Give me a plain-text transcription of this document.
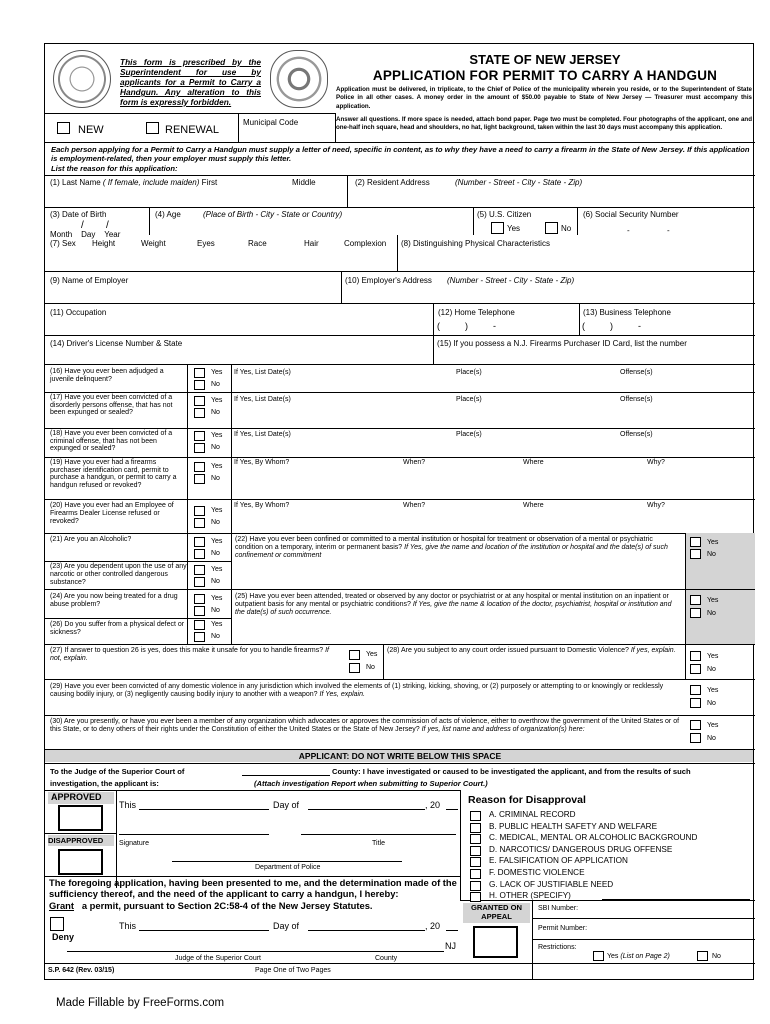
This form is prescribed by the Superintendent for use by applicants for a Permit to Carry a Handgun. Any alteration to this form is expressly forbidden.
STATE OF NEW JERSEY
APPLICATION FOR PERMIT TO CARRY A HANDGUN
Application must be delivered, in triplicate, to the Chief of Police of the municipality wherein you reside, or to the Superintendent of State Police in all other cases. A money order in the amount of $50.00 payable to State of New Jersey — Treasurer must accompany this application.
Answer all questions. If more space is needed, attach bond paper. Page two must be completed. Four photographs of the applicant, one and one-half inch square, head and shoulders, no hat, light background, taken within the last 30 days must accompany this application.
NEW	RENEWAL
Municipal Code
Each person applying for a Permit to Carry a Handgun must supply a letter of need, specific in content, as to why they have a need to carry a firearm in the State of New Jersey. If this application is employment-related, then your employer must supply this letter.
List the reason for this application:
(1) Last Name ( If female, include maiden) First	Middle	(2) Resident Address	(Number - Street - City - State - Zip)
(3) Date of Birth
/ /
Month Day Year
(4) Age	(Place of Birth - City - State or Country)	(5) U.S. Citizen
Yes	No
(6) Social Security Number
-	-
(7) Sex Height	Weight	Eyes	Race	Hair	Complexion (8) Distinguishing Physical Characteristics
(9) Name of Employer	(10) Employer's Address (Number - Street - City - State - Zip)
(11) Occupation	(12) Home Telephone
(          )          -
(13) Business Telephone
(          )          -
(14) Driver's License Number & State	(15) If you possess a N.J. Firearms Purchaser ID Card, list the number
(16) Have you ever been adjudged a juvenile delinquent?
Yes
No
If Yes, List Date(s)	Place(s)	Offense(s)
(17) Have you ever been convicted of a disorderly persons offense, that has not been expunged or sealed?
Yes
No
If Yes, List Date(s)	Place(s)	Offense(s)
(18) Have you ever been convicted of a criminal offense, that has not been expunged or sealed?
Yes
No
If Yes, List Date(s)	Place(s)	Offense(s)
(19) Have you ever had a firearms purchaser identification card, permit to purchase a handgun, or permit to carry a handgun refused or revoked?
Yes
No
If Yes, By Whom?	When?	Where	Why?
(20) Have you ever had an Employee of Firearms Dealer License refused or revoked?
Yes
No
If Yes, By Whom?	When?	Where	Why?
(21) Are you an Alcoholic?	Yes
No
(22) Have you ever been confined or committed to a mental institution or hospital for treatment or observation of a mental or psychiatric condition on a temporary, interim or permanent basis? If Yes, give the name and location of the institution or hospital and the date(s) of such confinement or commitment
Yes
No
(23) Are you dependent upon the use of any narcotic or other controlled dangerous substance?
Yes
No
(24) Are you now being treated for a drug abuse problem?
Yes
No
(25) Have you ever been attended, treated or observed by any doctor or psychiatrist or at any hospital or mental institution on an inpatient or outpatient basis for any mental or psychiatric conditions? If Yes, give the name & location of the doctor, psychiatrist, hospital or institution and the date(s) of such occurrence.
Yes
No
(26) Do you suffer from a physical defect or sickness?
Yes
No
(27) If answer to question 26 is yes, does this make it unsafe for you to handle firearms? If not, explain.
Yes
No
(28) Are you subject to any court order issued pursuant to Domestic Violence? If yes, explain.
Yes
No
(29) Have you ever been convicted of any domestic violence in any jurisdiction which involved the elements of (1) striking, kicking, shoving, or (2) purposely or attempting to or knowingly or recklessly causing bodily injury, or (3) negligently causing bodily injury to another with a weapon? If Yes, explain.
Yes
No
(30) Are you presently, or have you ever been a member of any organization which advocates or approves the commission of acts of violence, either to overthrow the government of the United States or of this State, or to deny others of their rights under the Constitution of either the United States or the State of New Jersey? If yes, list name and address of organization(s) here:
Yes
No
APPLICANT: DO NOT WRITE BELOW THIS SPACE
To the Judge of the Superior Court of	County: I have investigated or caused to be investigated the applicant, and from the results of such
investigation, the applicant is:	(Attach investigation Report when submitting to Superior Court.)
APPROVED
This	Day of	, 20
DISAPPROVED Signature	Title
Department of Police
The foregoing application, having been presented to me, and the determination made of the sufficiency thereof, and the need of the applicant to carry a handgun, I hereby:
Grant a permit, pursuant to Section 2C:58-4 of the New Jersey Statutes.
Deny
This	Day of	, 20
NJ
Judge of the Superior Court	County
S.P. 642 (Rev. 03/15)	Page One of Two Pages
Reason for Disapproval
GRANTED ON APPEAL
SBI Number:
Permit Number:
Restrictions:
Yes (List on Page 2)	No
A. CRIMINAL RECORD
B. PUBLIC HEALTH SAFETY AND WELFARE
C. MEDICAL, MENTAL OR ALCOHOLIC BACKGROUND
D. NARCOTICS/ DANGEROUS DRUG OFFENSE
E. FALSIFICATION OF APPLICATION
F. DOMESTIC VIOLENCE
G. LACK OF JUSTIFIABLE NEED
H. OTHER (SPECIFY)
Made Fillable by FreeForms.com
